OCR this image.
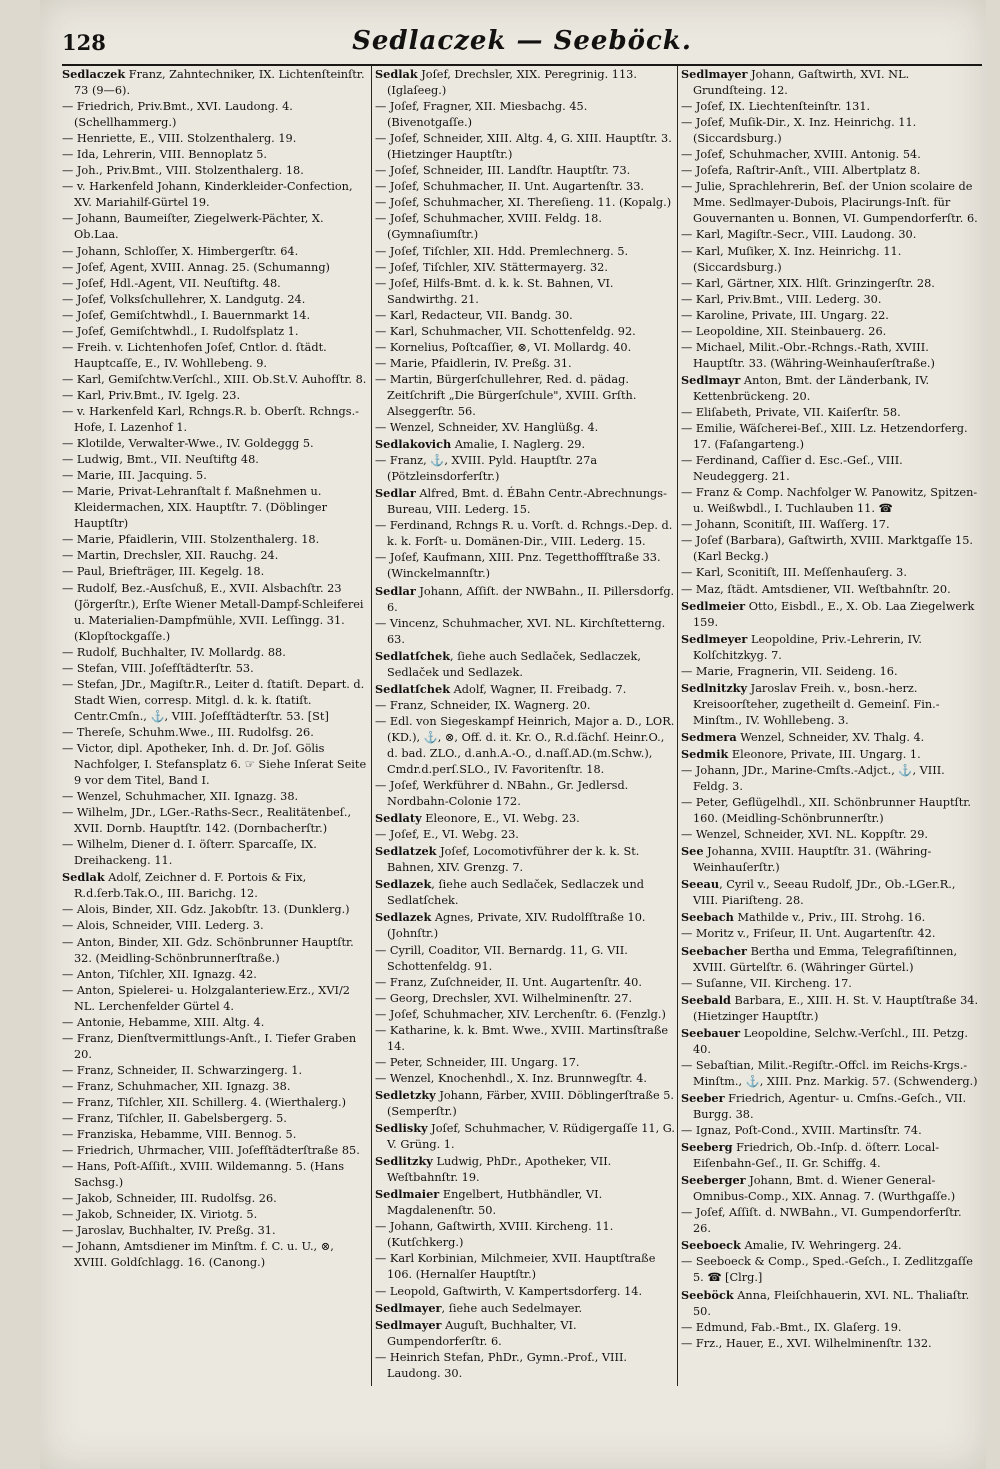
128	Sedlaczek — Seeböck.

Sedlaczek Franz, Zahntechniker, IX. Lichtenſteinſtr. 73 (9—6).

— Friedrich, Priv.Bmt., XVI. Laudong. 4. (Schellhammerg.)

— Henriette, E., VIII. Stolzenthalerg. 19.

— Ida, Lehrerin, VIII. Bennoplatz 5.

— Joh., Priv.Bmt., VIII. Stolzenthalerg. 18.

— v. Harkenfeld Johann, Kinderkleider-Confection, XV. Mariahilf-Gürtel 19.

— Johann, Baumeiſter, Ziegelwerk-Pächter, X. Ob.Laa.

— Johann, Schloſſer, X. Himbergerſtr. 64.

— Joſef, Agent, XVIII. Annag. 25. (Schumanng)

— Joſef, Hdl.-Agent, VII. Neuſtiftg. 48.

— Joſef, Volksſchullehrer, X. Landgutg. 24.

— Joſef, Gemiſchtwhdl., I. Bauernmarkt 14.

— Joſef, Gemiſchtwhdl., I. Rudolfsplatz 1.

— Freih. v. Lichtenhofen Joſef, Cntlor. d. ſtädt. Hauptcaſſe, E., IV. Wohllebeng. 9.

— Karl, Gemiſchtw.Verſchl., XIII. Ob.St.V. Auhofſtr. 8.

— Karl, Priv.Bmt., IV. Igelg. 23.

— v. Harkenfeld Karl, Rchngs.R. b. Oberſt. Rchngs.-Hofe, I. Lazenhof 1.

— Klotilde, Verwalter-Wwe., IV. Goldeggg 5.

— Ludwig, Bmt., VII. Neuſtiftg 48.

— Marie, III. Jacquing. 5.

— Marie, Privat-Lehranſtalt f. Maßnehmen u. Kleidermachen, XIX. Hauptſtr. 7. (Döblinger Hauptſtr)

— Marie, Pfaidlerin, VIII. Stolzenthalerg. 18.

— Martin, Drechsler, XII. Rauchg. 24.

— Paul, Briefträger, III. Kegelg. 18.

— Rudolf, Bez.-Ausſchuß, E., XVII. Alsbachſtr. 23 (Jörgerſtr.), Erſte Wiener Metall-Dampf-Schleiferei u. Materialien-Dampfmühle, XVII. Leſſingg. 31. (Klopſtockgaſſe.)

— Rudolf, Buchhalter, IV. Mollardg. 88.

— Stefan, VIII. Joſefſtädterſtr. 53.

— Stefan, JDr., Magiſtr.R., Leiter d. ſtatiſt. Depart. d. Stadt Wien, corresp. Mitgl. d. k. k. ſtatiſt. Centr.Cmſn., ⚓, VIII. Joſefſtädterſtr. 53. [St]

— Thereſe, Schuhm.Wwe., III. Rudolfsg. 26.

— Victor, dipl. Apotheker, Inh. d. Dr. Joſ. Gölis Nachfolger, I. Stefansplatz 6. ☞ Siehe Inſerat Seite 9 vor dem Titel, Band I.

— Wenzel, Schuhmacher, XII. Ignazg. 38.

— Wilhelm, JDr., LGer.-Raths-Secr., Realitätenbeſ., XVII. Dornb. Hauptſtr. 142. (Dornbacherſtr.)

— Wilhelm, Diener d. I. öſterr. Sparcaſſe, IX. Dreihackeng. 11.

Sedlak Adolf, Zeichner d. F. Portois & Fix, R.d.ſerb.Tak.O., III. Barichg. 12.

— Alois, Binder, XII. Gdz. Jakobſtr. 13. (Dunklerg.)

— Alois, Schneider, VIII. Lederg. 3.

— Anton, Binder, XII. Gdz. Schönbrunner Hauptſtr. 32. (Meidling-Schönbrunnerſtraße.)

— Anton, Tiſchler, XII. Ignazg. 42.

— Anton, Spielerei- u. Holzgalanteriew.Erz., XVI/2 NL. Lerchenfelder Gürtel 4.

— Antonie, Hebamme, XIII. Altg. 4.

— Franz, Dienſtvermittlungs-Anſt., I. Tiefer Graben 20.

— Franz, Schneider, II. Schwarzingerg. 1.

— Franz, Schuhmacher, XII. Ignazg. 38.

— Franz, Tiſchler, XII. Schillerg. 4. (Wierthalerg.)

— Franz, Tiſchler, II. Gabelsbergerg. 5.

— Franziska, Hebamme, VIII. Bennog. 5.

— Friedrich, Uhrmacher, VIII. Joſefſtädterſtraße 85.

— Hans, Poſt-Aſſiſt., XVIII. Wildemanng. 5. (Hans Sachsg.)

— Jakob, Schneider, III. Rudolfsg. 26.

— Jakob, Schneider, IX. Viriotg. 5.

— Jaroslav, Buchhalter, IV. Preßg. 31.

— Johann, Amtsdiener im Minſtm. f. C. u. U., ⊗, XVIII. Goldſchlagg. 16. (Canong.)

Sedlak Joſef, Drechsler, XIX. Peregrinig. 113. (Iglaſeeg.)

— Joſef, Fragner, XII. Miesbachg. 45. (Bivenotgaſſe.)

— Joſef, Schneider, XIII. Altg. 4, G. XIII. Hauptſtr. 3. (Hietzinger Hauptſtr.)

— Joſef, Schneider, III. Landſtr. Hauptſtr. 73.

— Joſef, Schuhmacher, II. Unt. Augartenſtr. 33.

— Joſef, Schuhmacher, XI. Thereſieng. 11. (Kopalg.)

— Joſef, Schuhmacher, XVIII. Feldg. 18. (Gymnaſiumſtr.)

— Joſef, Tiſchler, XII. Hdd. Premlechnerg. 5.

— Joſef, Tiſchler, XIV. Stättermayerg. 32.

— Joſef, Hilfs-Bmt. d. k. k. St. Bahnen, VI. Sandwirthg. 21.

— Karl, Redacteur, VII. Bandg. 30.

— Karl, Schuhmacher, VII. Schottenfeldg. 92.

— Kornelius, Poſtcaſſier, ⊗, VI. Mollardg. 40.

— Marie, Pfaidlerin, IV. Preßg. 31.

— Martin, Bürgerſchullehrer, Red. d. pädag. Zeitſchrift „Die Bürgerſchule", XVIII. Grſth. Alseggerſtr. 56.

— Wenzel, Schneider, XV. Hanglüßg. 4.

Sedlakovich Amalie, I. Naglerg. 29.

— Franz, ⚓, XVIII. Pyld. Hauptſtr. 27a (Pötzleinsdorferſtr.)

Sedlar Alfred, Bmt. d. ÉBahn Centr.-Abrechnungs-Bureau, VIII. Lederg. 15.

— Ferdinand, Rchngs R. u. Vorſt. d. Rchngs.-Dep. d. k. k. Forſt- u. Domänen-Dir., VIII. Lederg. 15.

— Joſef, Kaufmann, XIII. Pnz. Tegetthoffſtraße 33. (Winckelmannſtr.)

Sedlar Johann, Aſſiſt. der NWBahn., II. Pillersdorfg. 6.

— Vincenz, Schuhmacher, XVI. NL. Kirchſtetterng. 63.

Sedlatſchek, ſiehe auch Sedlaček, Sedlaczek, Sedlaček und Sedlazek.

Sedlatſchek Adolf, Wagner, II. Freibadg. 7.

— Franz, Schneider, IX. Wagnerg. 20.

— Edl. von Siegeskampf Heinrich, Major a. D., LOR. (KD.), ⚓, ⊗, Off. d. it. Kr. O., R.d.ſächſ. Heinr.O., d. bad. ZLO., d.anh.A.-O., d.naſſ.AD.(m.Schw.), Cmdr.d.perſ.SLO., IV. Favoritenſtr. 18.

— Joſef, Werkführer d. NBahn., Gr. Jedlersd. Nordbahn-Colonie 172.

Sedlaty Eleonore, E., VI. Webg. 23.

— Joſef, E., VI. Webg. 23.

Sedlatzek Joſef, Locomotivführer der k. k. St. Bahnen, XIV. Grenzg. 7.

Sedlazek, ſiehe auch Sedlaček, Sedlaczek und Sedlatſchek.

Sedlazek Agnes, Private, XIV. Rudolfſtraße 10. (Johnſtr.)

— Cyrill, Coaditor, VII. Bernardg. 11, G. VII. Schottenfeldg. 91.

— Franz, Zuſchneider, II. Unt. Augartenſtr. 40.

— Georg, Drechsler, XVI. Wilhelminenſtr. 27.

— Joſef, Schuhmacher, XIV. Lerchenſtr. 6. (Fenzlg.)

— Katharine, k. k. Bmt. Wwe., XVIII. Martinsſtraße 14.

— Peter, Schneider, III. Ungarg. 17.

— Wenzel, Knochenhdl., X. Inz. Brunnwegſtr. 4.

Sedletzky Johann, Färber, XVIII. Döblingerſtraße 5. (Semperſtr.)

Sedlisky Joſef, Schuhmacher, V. Rüdigergaſſe 11, G. V. Grüng. 1.

Sedlitzky Ludwig, PhDr., Apotheker, VII. Weſtbahnſtr. 19.

Sedlmaier Engelbert, Hutbhändler, VI. Magdalenenſtr. 50.

— Johann, Gaſtwirth, XVIII. Kircheng. 11. (Kutſchkerg.)

— Karl Korbinian, Milchmeier, XVII. Hauptſtraße 106. (Hernalſer Hauptſtr.)

— Leopold, Gaſtwirth, V. Kampertsdorferg. 14.

Sedlmayer, ſiehe auch Sedelmayer.

Sedlmayer Auguſt, Buchhalter, VI. Gumpendorferſtr. 6.

— Heinrich Stefan, PhDr., Gymn.-Prof., VIII. Laudong. 30.

Sedlmayer Johann, Gaſtwirth, XVI. NL. Grundſteing. 12.

— Joſef, IX. Liechtenſteinſtr. 131.

— Joſef, Muſik-Dir., X. Inz. Heinrichg. 11. (Siccardsburg.)

— Joſef, Schuhmacher, XVIII. Antonig. 54.

— Joſefa, Raſtrir-Anſt., VIII. Albertplatz 8.

— Julie, Sprachlehrerin, Beſ. der Union scolaire de Mme. Sedlmayer-Dubois, Placirungs-Inſt. für Gouvernanten u. Bonnen, VI. Gumpendorferſtr. 6.

— Karl, Magiſtr.-Secr., VIII. Laudong. 30.

— Karl, Muſiker, X. Inz. Heinrichg. 11. (Siccardsburg.)

— Karl, Gärtner, XIX. Hlſt. Grinzingerſtr. 28.

— Karl, Priv.Bmt., VIII. Lederg. 30.

— Karoline, Private, III. Ungarg. 22.

— Leopoldine, XII. Steinbauerg. 26.

— Michael, Milit.-Obr.-Rchngs.-Rath, XVIII. Hauptſtr. 33. (Währing-Weinhauſerſtraße.)

Sedlmayr Anton, Bmt. der Länderbank, IV. Kettenbrückeng. 20.

— Eliſabeth, Private, VII. Kaiſerſtr. 58.

— Emilie, Wäſcherei-Beſ., XIII. Lz. Hetzendorferg. 17. (Faſangarteng.)

— Ferdinand, Caſſier d. Esc.-Geſ., VIII. Neudeggerg. 21.

— Franz & Comp. Nachfolger W. Panowitz, Spitzen- u. Weißwbdl., I. Tuchlauben 11. ☎

— Johann, Sconitiſt, III. Waſſerg. 17.

— Joſef (Barbara), Gaſtwirth, XVIII. Marktgaſſe 15. (Karl Beckg.)

— Karl, Sconitiſt, III. Meſſenhauſerg. 3.

— Maz, ſtädt. Amtsdiener, VII. Weſtbahnſtr. 20.

Sedlmeier Otto, Eisbdl., E., X. Ob. Laa Ziegelwerk 159.

Sedlmeyer Leopoldine, Priv.-Lehrerin, IV. Kolſchitzkyg. 7.

— Marie, Fragnerin, VII. Seideng. 16.

Sedlnitzky Jaroslav Freih. v., bosn.-herz. Kreisoorſteher, zugetheilt d. Gemeinſ. Fin.-Minſtm., IV. Wohllebeng. 3.

Sedmera Wenzel, Schneider, XV. Thalg. 4.

Sedmik Eleonore, Private, III. Ungarg. 1.

— Johann, JDr., Marine-Cmſts.-Adjct., ⚓, VIII. Feldg. 3.

— Peter, Geflügelhdl., XII. Schönbrunner Hauptſtr. 160. (Meidling-Schönbrunnerſtr.)

— Wenzel, Schneider, XVI. NL. Koppſtr. 29.

See Johanna, XVIII. Hauptſtr. 31. (Währing-Weinhauſerſtr.)

Seeau, Cyril v., Seeau Rudolf, JDr., Ob.-LGer.R., VIII. Piariſteng. 28.

Seebach Mathilde v., Priv., III. Strohg. 16.

— Moritz v., Friſeur, II. Unt. Augartenſtr. 42.

Seebacher Bertha und Emma, Telegrafiſtinnen, XVIII. Gürtelſtr. 6. (Währinger Gürtel.)

— Suſanne, VII. Kircheng. 17.

Seebald Barbara, E., XIII. H. St. V. Hauptſtraße 34. (Hietzinger Hauptſtr.)

Seebauer Leopoldine, Selchw.-Verſchl., III. Petzg. 40.

— Sebaſtian, Milit.-Regiſtr.-Offcl. im Reichs-Krgs.-Minſtm., ⚓, XIII. Pnz. Markig. 57. (Schwenderg.)

Seeber Friedrich, Agentur- u. Cmſns.-Geſch., VII. Burgg. 38.

— Ignaz, Poſt-Cond., XVIII. Martinsſtr. 74.

Seeberg Friedrich, Ob.-Inſp. d. öſterr. Local-Eiſenbahn-Geſ., II. Gr. Schiffg. 4.

Seeberger Johann, Bmt. d. Wiener General-Omnibus-Comp., XIX. Annag. 7. (Wurthgaſſe.)

— Joſef, Aſſiſt. d. NWBahn., VI. Gumpendorferſtr. 26.

Seeboeck Amalie, IV. Wehringerg. 24.

— Seeboeck & Comp., Sped.-Geſch., I. Zedlitzgaſſe 5. ☎ [Clrg.]

Seeböck Anna, Fleiſchhauerin, XVI. NL. Thaliaſtr. 50.

— Edmund, Fab.-Bmt., IX. Glaſerg. 19.

— Frz., Hauer, E., XVI. Wilhelminenſtr. 132.
